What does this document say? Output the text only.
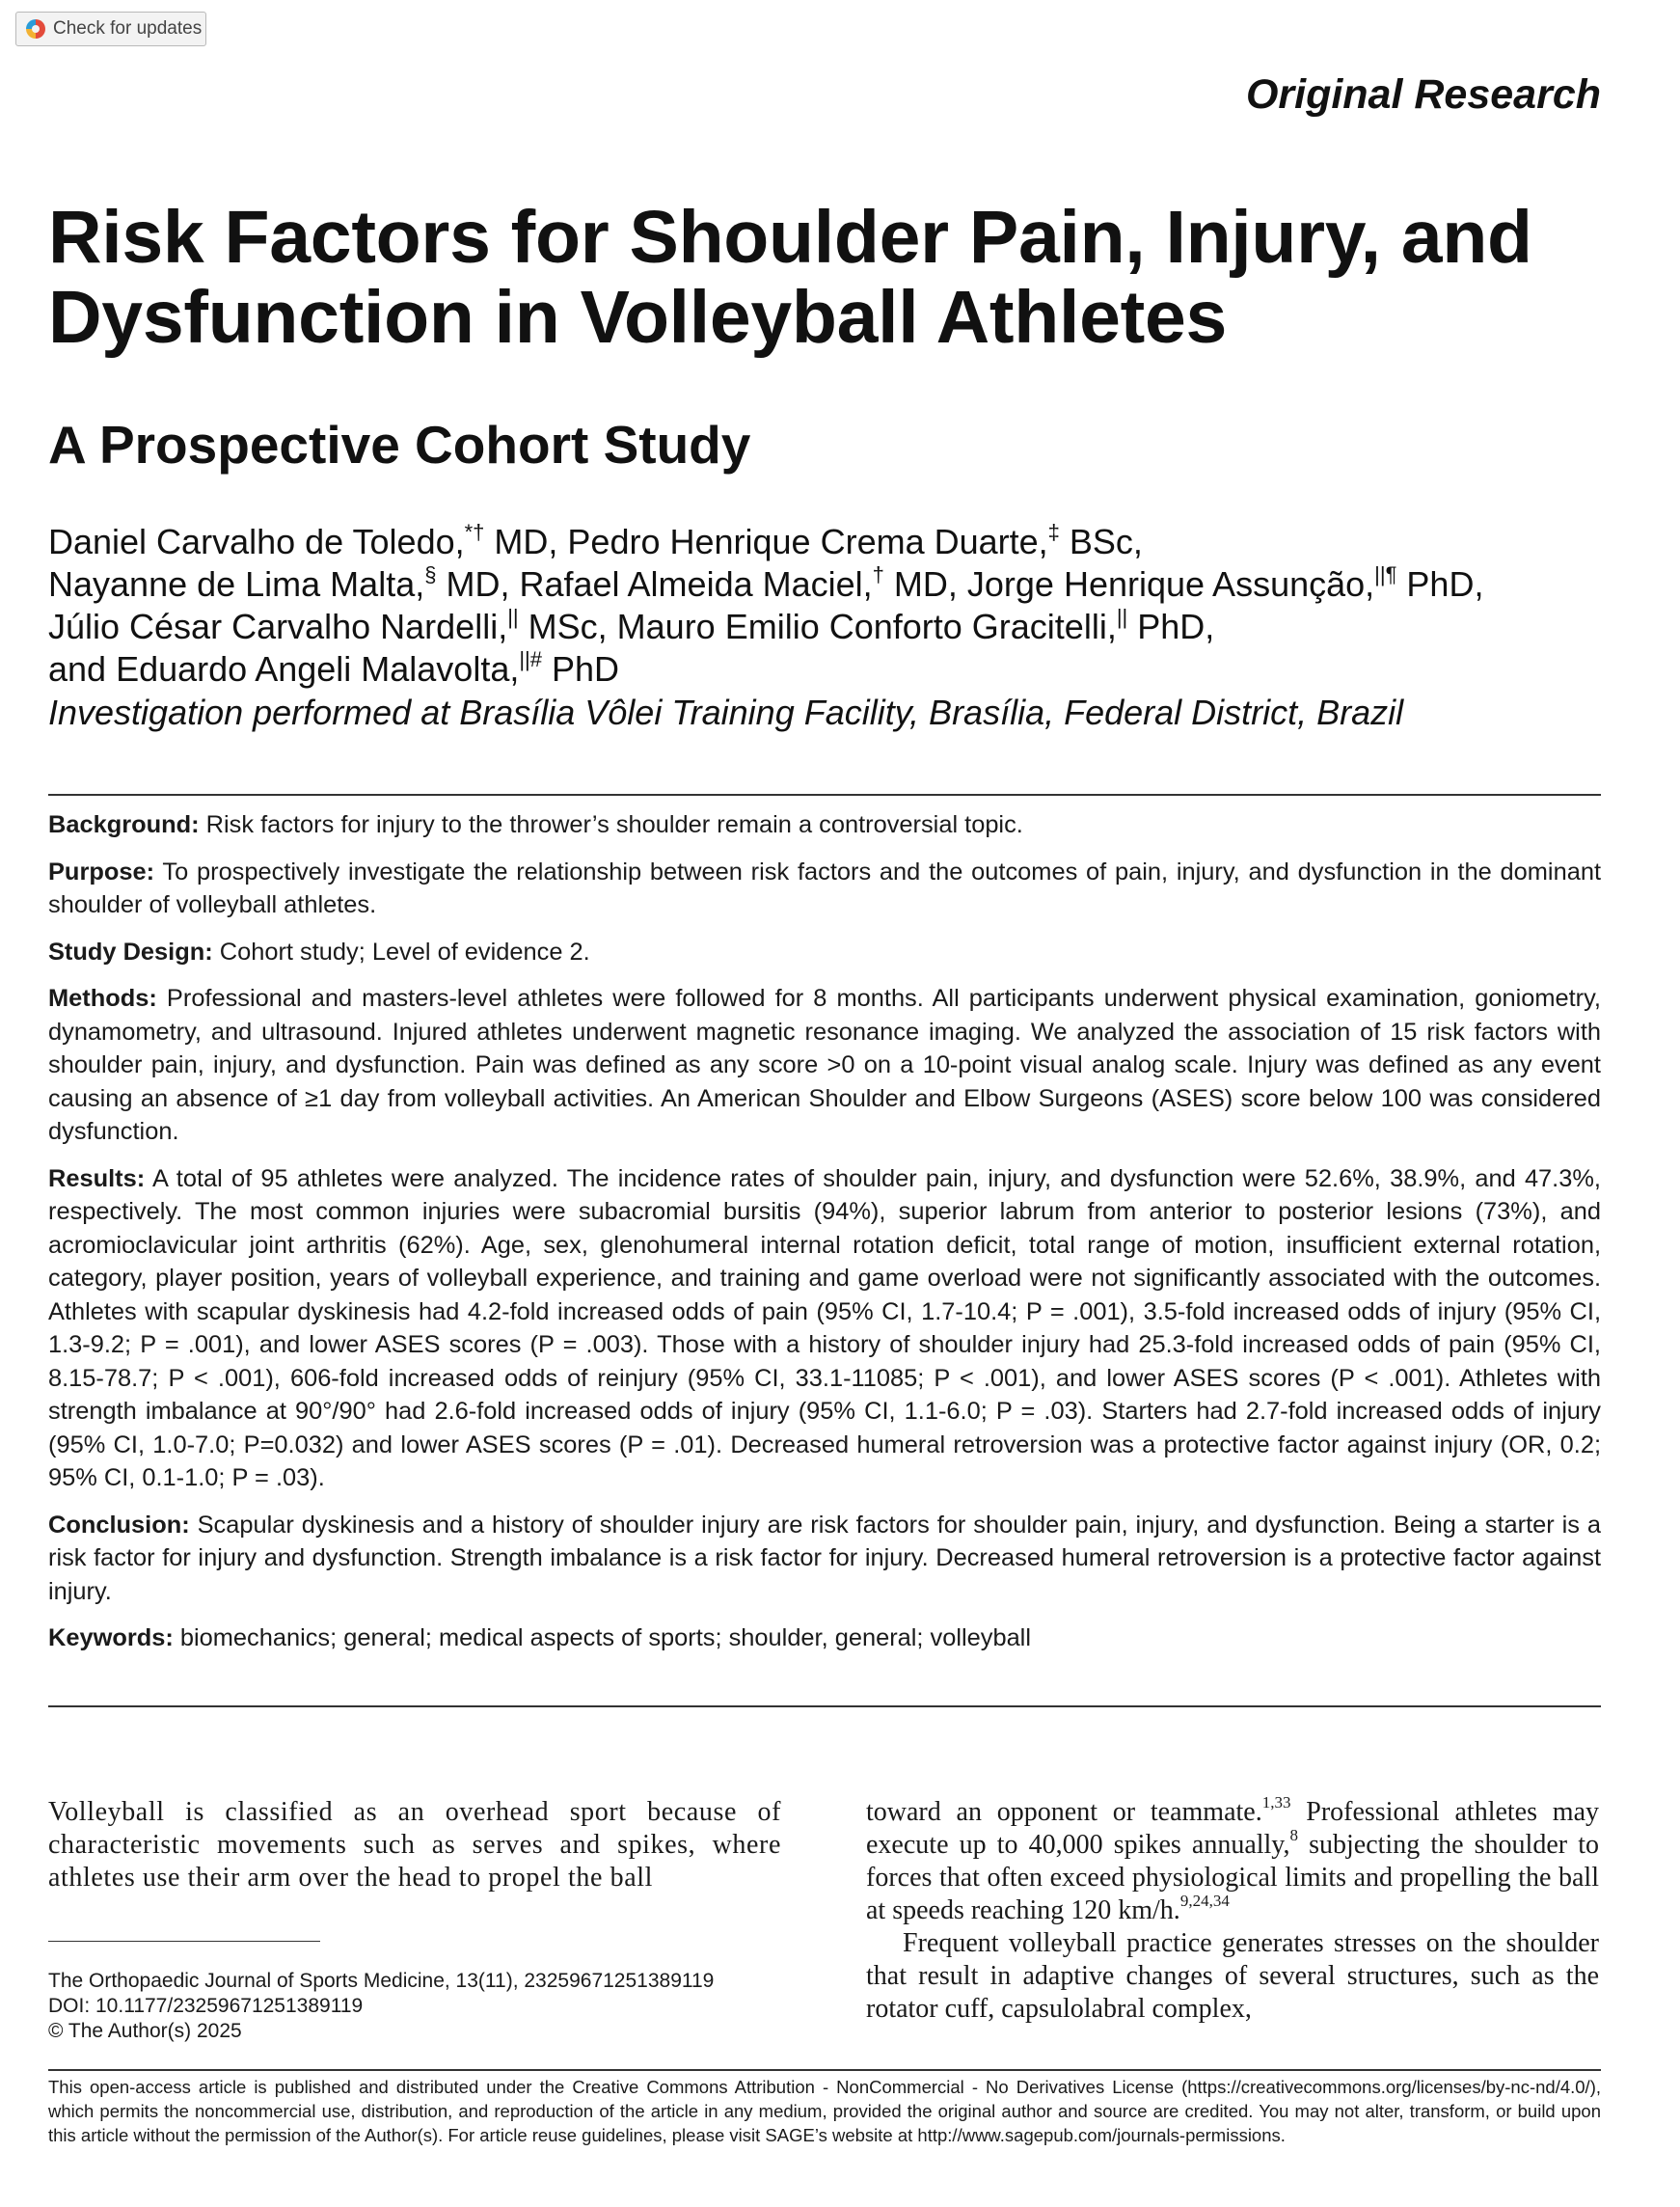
Check for updates
Original Research
Risk Factors for Shoulder Pain, Injury, and Dysfunction in Volleyball Athletes
A Prospective Cohort Study
Daniel Carvalho de Toledo,*† MD, Pedro Henrique Crema Duarte,‡ BSc,
Nayanne de Lima Malta,§ MD, Rafael Almeida Maciel,† MD, Jorge Henrique Assunção,||¶ PhD,
Júlio César Carvalho Nardelli,|| MSc, Mauro Emilio Conforto Gracitelli,|| PhD,
and Eduardo Angeli Malavolta,||# PhD
Investigation performed at Brasília Vôlei Training Facility, Brasília, Federal District, Brazil

Background: Risk factors for injury to the thrower’s shoulder remain a controversial topic.

Purpose: To prospectively investigate the relationship between risk factors and the outcomes of pain, injury, and dysfunction in the dominant shoulder of volleyball athletes.

Study Design: Cohort study; Level of evidence 2.

Methods: Professional and masters-level athletes were followed for 8 months. All participants underwent physical examination, goniometry, dynamometry, and ultrasound. Injured athletes underwent magnetic resonance imaging. We analyzed the association of 15 risk factors with shoulder pain, injury, and dysfunction. Pain was defined as any score >0 on a 10-point visual analog scale. Injury was defined as any event causing an absence of ≥1 day from volleyball activities. An American Shoulder and Elbow Surgeons (ASES) score below 100 was considered dysfunction.

Results: A total of 95 athletes were analyzed. The incidence rates of shoulder pain, injury, and dysfunction were 52.6%, 38.9%, and 47.3%, respectively. The most common injuries were subacromial bursitis (94%), superior labrum from anterior to posterior lesions (73%), and acromioclavicular joint arthritis (62%). Age, sex, glenohumeral internal rotation deficit, total range of motion, insufficient external rotation, category, player position, years of volleyball experience, and training and game overload were not significantly associated with the outcomes. Athletes with scapular dyskinesis had 4.2-fold increased odds of pain (95% CI, 1.7-10.4; P = .001), 3.5-fold increased odds of injury (95% CI, 1.3-9.2; P = .001), and lower ASES scores (P = .003). Those with a history of shoulder injury had 25.3-fold increased odds of pain (95% CI, 8.15-78.7; P < .001), 606-fold increased odds of reinjury (95% CI, 33.1-11085; P < .001), and lower ASES scores (P < .001). Athletes with strength imbalance at 90°/90° had 2.6-fold increased odds of injury (95% CI, 1.1-6.0; P = .03). Starters had 2.7-fold increased odds of injury (95% CI, 1.0-7.0; P=0.032) and lower ASES scores (P = .01). Decreased humeral retroversion was a protective factor against injury (OR, 0.2; 95% CI, 0.1-1.0; P = .03).

Conclusion: Scapular dyskinesis and a history of shoulder injury are risk factors for shoulder pain, injury, and dysfunction. Being a starter is a risk factor for injury and dysfunction. Strength imbalance is a risk factor for injury. Decreased humeral retroversion is a protective factor against injury.

Keywords: biomechanics; general; medical aspects of sports; shoulder, general; volleyball

Volleyball is classified as an overhead sport because of characteristic movements such as serves and spikes, where athletes use their arm over the head to propel the ball

toward an opponent or teammate.$^{1,33}$ Professional athletes may execute up to 40,000 spikes annually,$^8$ subjecting the shoulder to forces that often exceed physiological limits and propelling the ball at speeds reaching 120 km/h.$^{9,24,34}$

Frequent volleyball practice generates stresses on the shoulder that result in adaptive changes of several structures, such as the rotator cuff, capsulolabral complex,

The Orthopaedic Journal of Sports Medicine, 13(11), 23259671251389119
DOI: 10.1177/23259671251389119
© The Author(s) 2025
This open-access article is published and distributed under the Creative Commons Attribution - NonCommercial - No Derivatives License (https://creativecommons.org/licenses/by-nc-nd/4.0/), which permits the noncommercial use, distribution, and reproduction of the article in any medium, provided the original author and source are credited. You may not alter, transform, or build upon this article without the permission of the Author(s). For article reuse guidelines, please visit SAGE’s website at http://www.sagepub.com/journals-permissions.
